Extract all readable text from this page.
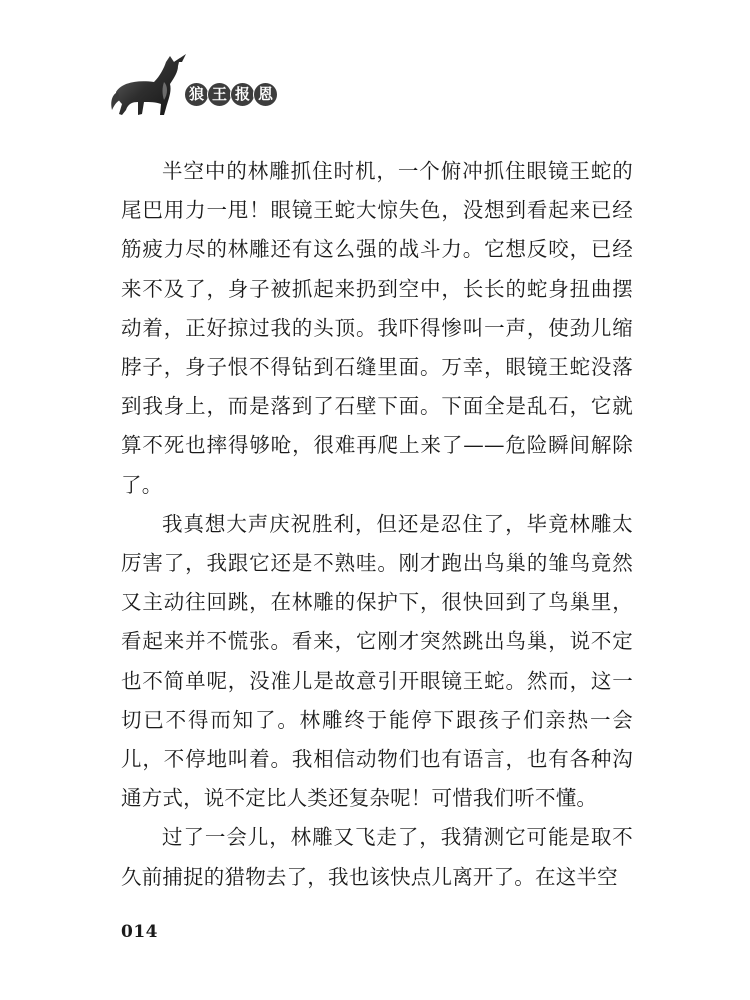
狼 王 报 恩

半空中的林雕抓住时机，一个俯冲抓住眼镜王蛇的尾巴用力一甩！眼镜王蛇大惊失色，没想到看起来已经筋疲力尽的林雕还有这么强的战斗力。它想反咬，已经来不及了，身子被抓起来扔到空中，长长的蛇身扭曲摆动着，正好掠过我的头顶。我吓得惨叫一声，使劲儿缩脖子，身子恨不得钻到石缝里面。万幸，眼镜王蛇没落到我身上，而是落到了石壁下面。下面全是乱石，它就算不死也摔得够呛，很难再爬上来了——危险瞬间解除了。

我真想大声庆祝胜利，但还是忍住了，毕竟林雕太厉害了，我跟它还是不熟哇。刚才跑出鸟巢的雏鸟竟然又主动往回跳，在林雕的保护下，很快回到了鸟巢里，看起来并不慌张。看来，它刚才突然跳出鸟巢，说不定也不简单呢，没准儿是故意引开眼镜王蛇。然而，这一切已不得而知了。林雕终于能停下跟孩子们亲热一会儿，不停地叫着。我相信动物们也有语言，也有各种沟通方式，说不定比人类还复杂呢！可惜我们听不懂。

过了一会儿，林雕又飞走了，我猜测它可能是取不久前捕捉的猎物去了，我也该快点儿离开了。在这半空

014
